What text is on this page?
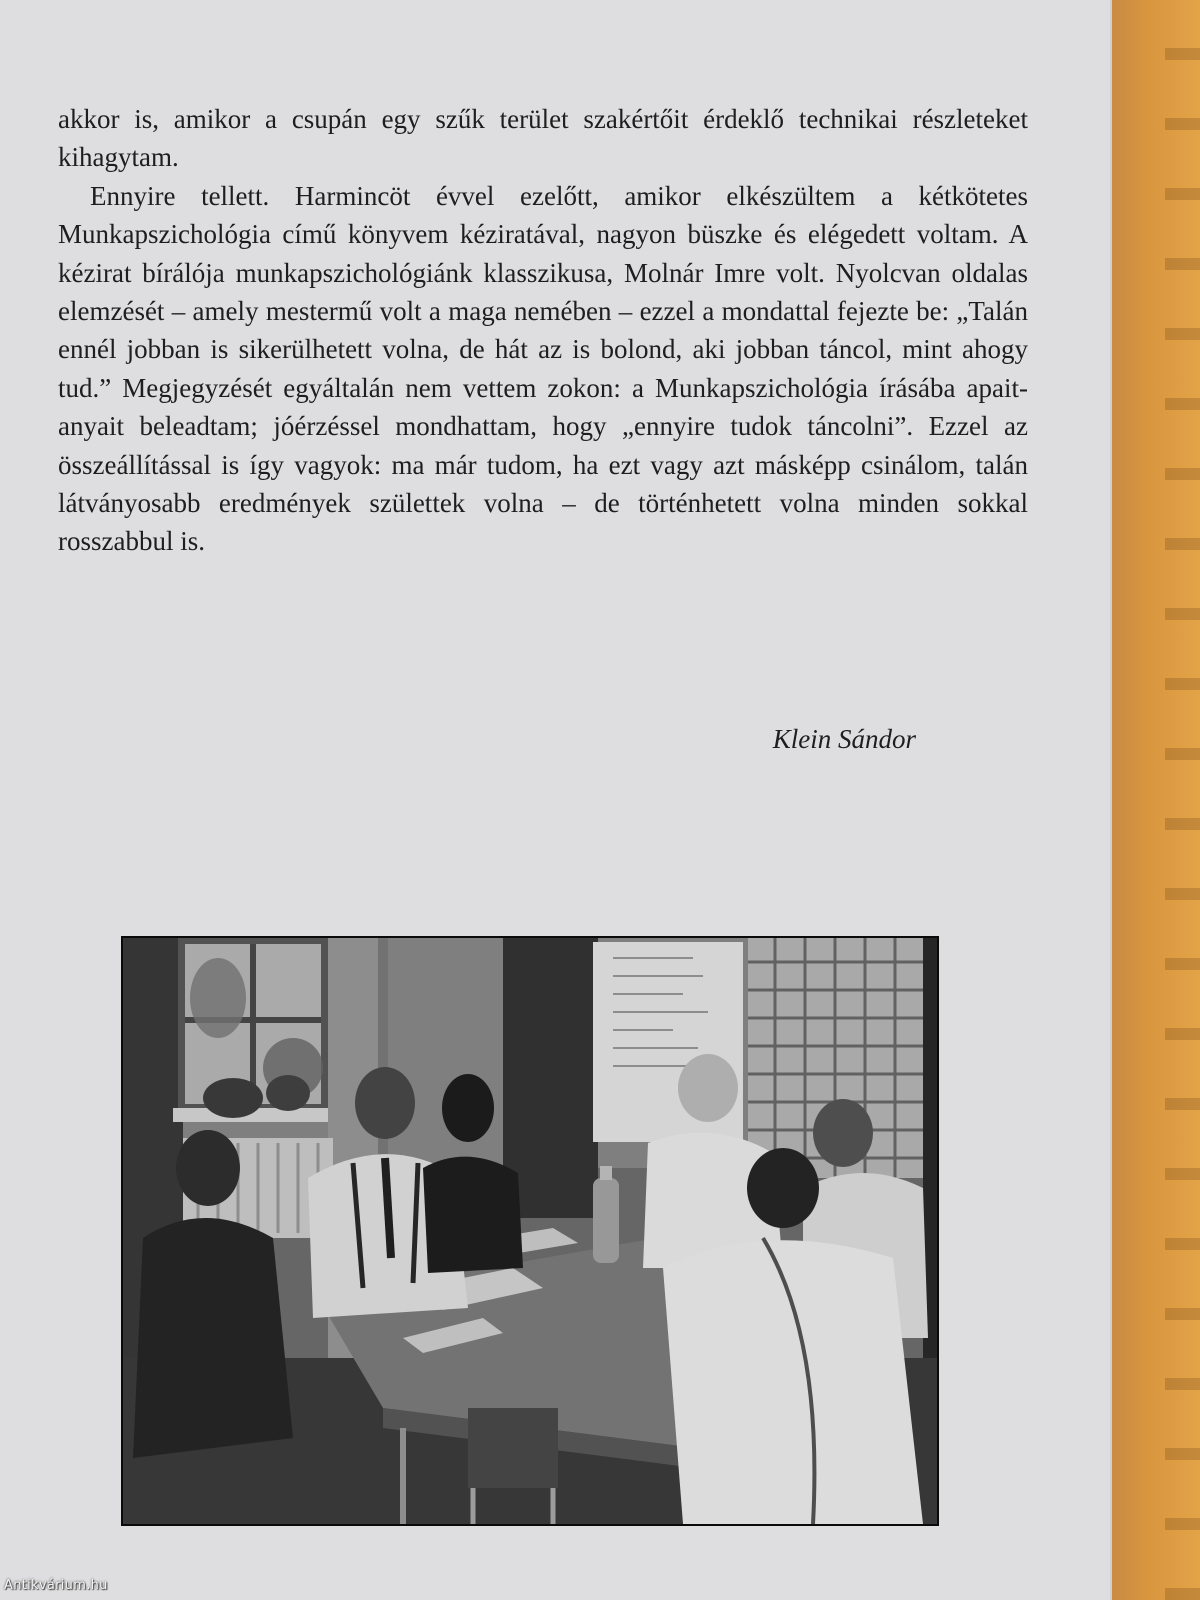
akkor is, amikor a csupán egy szűk terület szakértőit érdeklő technikai részleteket kihagytam.

Ennyire tellett. Harmincöt évvel ezelőtt, amikor elkészültem a kétkötetes Munkapszichológia című könyvem kéziratával, nagyon büszke és elégedett voltam. A kézirat bírálója munkapszichológiánk klasszikusa, Molnár Imre volt. Nyolcvan oldalas elemzését – amely mestermű volt a maga nemében – ezzel a mondattal fejezte be: „Talán ennél jobban is sikerülhetett volna, de hát az is bolond, aki jobban táncol, mint ahogy tud.” Megjegyzését egyáltalán nem vettem zokon: a Munkapszichológia írásába apait-anyait beleadtam; jóérzéssel mondhattam, hogy „ennyire tudok táncolni”. Ezzel az összeállítással is így vagyok: ma már tudom, ha ezt vagy azt másképp csinálom, talán látványosabb eredmények születtek volna – de történhetett volna minden sokkal rosszabbul is.

Klein Sándor
Antikvárium.hu
